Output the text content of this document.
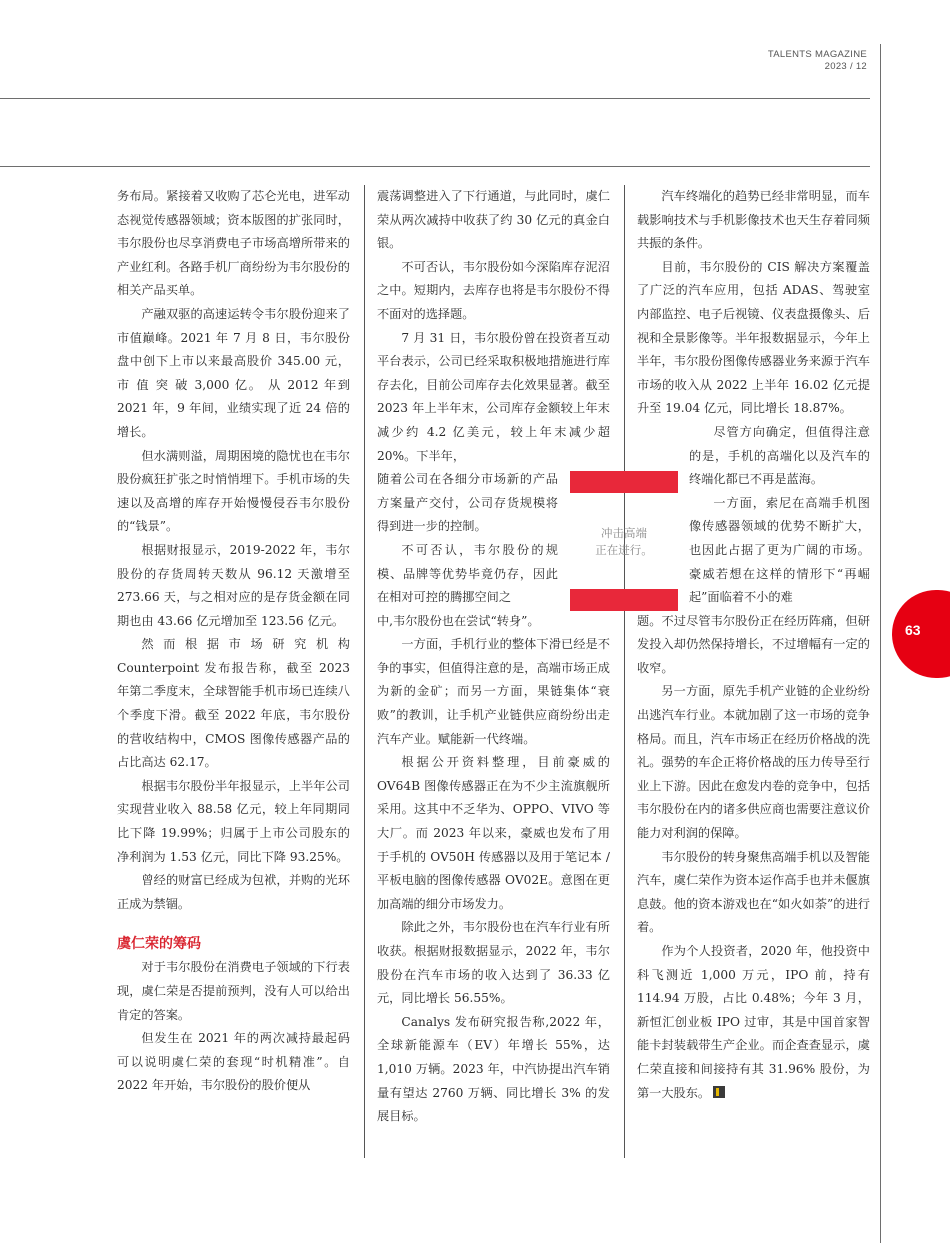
TALENTS MAGAZINE
2023 / 12
63

务布局。紧接着又收购了芯仑光电，进军动态视觉传感器领域；资本版图的扩张同时，韦尔股份也尽享消费电子市场高增所带来的产业红利。各路手机厂商纷纷为韦尔股份的相关产品买单。

产融双驱的高速运转令韦尔股份迎来了市值巅峰。2021 年 7 月 8 日，韦尔股份盘中创下上市以来最高股价 345.00 元， 市 值 突 破 3,000 亿。 从 2012 年到 2021 年，9 年间，业绩实现了近 24 倍的增长。

但水满则溢，周期困境的隐忧也在韦尔股份疯狂扩张之时悄悄埋下。手机市场的失速以及高增的库存开始慢慢侵吞韦尔股份的“钱景”。

根据财报显示，2019-2022 年，韦尔股份的存货周转天数从 96.12 天激增至 273.66 天，与之相对应的是存货金额在同期也由 43.66 亿元增加至 123.56 亿元。

然 而 根 据 市 场 研 究 机 构 Counterpoint 发布报告称，截至 2023 年第二季度末，全球智能手机市场已连续八个季度下滑。截至 2022 年底，韦尔股份的营收结构中，CMOS 图像传感器产品的占比高达 62.17。

根据韦尔股份半年报显示，上半年公司实现营业收入 88.58 亿元，较上年同期同比下降 19.99%；归属于上市公司股东的净利润为 1.53 亿元，同比下降 93.25%。

曾经的财富已经成为包袱，并购的光环正成为禁锢。

虞仁荣的筹码

对于韦尔股份在消费电子领域的下行表现，虞仁荣是否提前预判，没有人可以给出肯定的答案。

但发生在 2021 年的两次减持最起码可以说明虞仁荣的套现“时机精准”。自 2022 年开始，韦尔股份的股价便从

震荡调整进入了下行通道，与此同时，虞仁荣从两次减持中收获了约 30 亿元的真金白银。

不可否认，韦尔股份如今深陷库存泥沼之中。短期内，去库存也将是韦尔股份不得不面对的选择题。

7 月 31 日，韦尔股份曾在投资者互动平台表示，公司已经采取积极地措施进行库存去化，目前公司库存去化效果显著。截至 2023 年上半年末，公司库存金额较上年末减少约 4.2 亿美元，较上年末减少超 20%。下半年，

随着公司在各细分市场新的产品方案量产交付，公司存货规模将得到进一步的控制。

不可否认，韦尔股份的规模、品牌等优势毕竟仍存，因此在相对可控的腾挪空间之

中,韦尔股份也在尝试“转身”。

一方面，手机行业的整体下滑已经是不争的事实，但值得注意的是，高端市场正成为新的金矿；而另一方面，果链集体“衰败”的教训，让手机产业链供应商纷纷出走汽车产业。赋能新一代终端。

根据公开资料整理，目前豪威的 OV64B 图像传感器正在为不少主流旗舰所采用。这其中不乏华为、OPPO、VIVO 等大厂。而 2023 年以来，豪威也发布了用于手机的 OV50H 传感器以及用于笔记本 / 平板电脑的图像传感器 OV02E。意图在更加高端的细分市场发力。

除此之外，韦尔股份也在汽车行业有所收获。根据财报数据显示，2022 年，韦尔股份在汽车市场的收入达到了 36.33 亿元，同比增长 56.55%。

Canalys 发布研究报告称,2022 年，全球新能源车（EV）年增长 55%，达 1,010 万辆。2023 年，中汽协提出汽车销量有望达 2760 万辆、同比增长 3% 的发展目标。

汽车终端化的趋势已经非常明显，而车载影响技术与手机影像技术也天生存着同频共振的条件。

目前，韦尔股份的 CIS 解决方案覆盖了广泛的汽车应用，包括 ADAS、驾驶室内部监控、电子后视镜、仪表盘摄像头、后视和全景影像等。半年报数据显示，今年上半年，韦尔股份图像传感器业务来源于汽车市场的收入从 2022 上半年 16.02 亿元提升至 19.04 亿元，同比增长 18.87%。

尽管方向确定，但值得注意的是，手机的高端化以及汽车的终端化都已不再是蓝海。

一方面，索尼在高端手机图像传感器领域的优势不断扩大，也因此占据了更为广阔的市场。豪威若想在这样的情形下“再崛起”面临着不小的难

题。不过尽管韦尔股份正在经历阵痛，但研发投入却仍然保持增长，不过增幅有一定的收窄。

另一方面，原先手机产业链的企业纷纷出逃汽车行业。本就加剧了这一市场的竞争格局。而且，汽车市场正在经历价格战的洗礼。强势的车企正将价格战的压力传导至行业上下游。因此在愈发内卷的竞争中，包括韦尔股份在内的诸多供应商也需要注意议价能力对利润的保障。

韦尔股份的转身聚焦高端手机以及智能汽车，虞仁荣作为资本运作高手也并未偃旗息鼓。他的资本游戏也在“如火如荼”的进行着。

作为个人投资者，2020 年，他投资中科飞测近 1,000 万元，IPO 前，持有 114.94 万股，占比 0.48%；今年 3 月，新恒汇创业板 IPO 过审，其是中国首家智能卡封装载带生产企业。而企查查显示，虞仁荣直接和间接持有其 31.96% 股份，为第一大股东。

冲击高端
正在进行。
